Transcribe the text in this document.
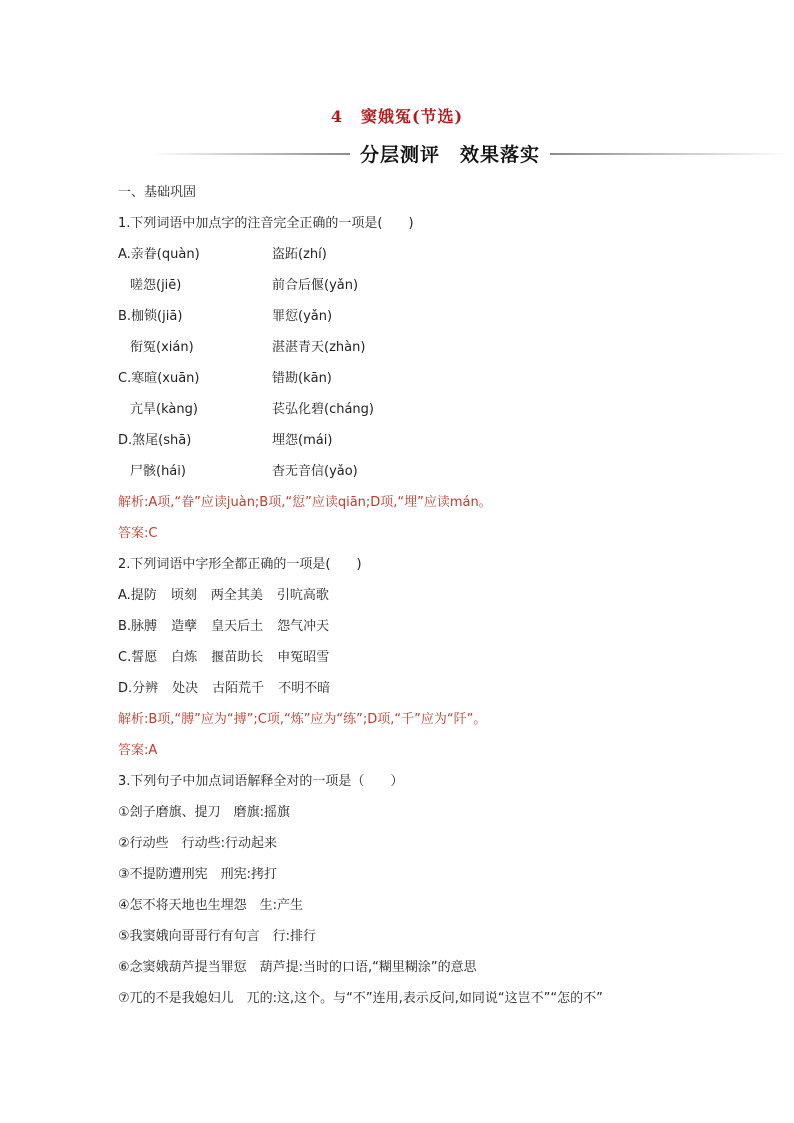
4 窦娥冤(节选)
分层测评　效果落实
一、基础巩固
1.下列词语中加点字的注音完全正确的一项是(　　)
A.亲眷(quàn)	盗跖(zhí)
嗟怨(jiē)	前合后偃(yǎn)
B.枷锁(jiā)	罪愆(yǎn)
衔冤(xián)	湛湛青天(zhàn)
C.寒暄(xuān)	错勘(kān)
亢旱(kàng)	苌弘化碧(cháng)
D.煞尾(shā)	埋怨(mái)
尸骸(hái)	杳无音信(yǎo)
解析:A项,“眷”应读juàn;B项,“愆”应读qiān;D项,“埋”应读mán。
答案:C
2.下列词语中字形全都正确的一项是(　　)
A.提防 顷刻 两全其美 引吭高歌
B.脉膊 造孽 皇天后土 怨气冲天
C.誓愿 白炼 揠苗助长 申冤昭雪
D.分辨 处决 古陌荒千 不明不暗
解析:B项,“膊”应为“搏”;C项,“炼”应为“练”;D项,“千”应为“阡”。
答案:A
3.下列句子中加点词语解释全对的一项是（　　）
①刽子磨旗、提刀　磨旗:摇旗
②行动些　行动些:行动起来
③不提防遭刑宪　刑宪:拷打
④怎不将天地也生埋怨　生:产生
⑤我窦娥向哥哥行有句言　行:排行
⑥念窦娥葫芦提当罪愆　葫芦提:当时的口语,“糊里糊涂”的意思
⑦兀的不是我媳妇儿　兀的:这,这个。与“不”连用,表示反问,如同说“这岂不”“怎的不”
